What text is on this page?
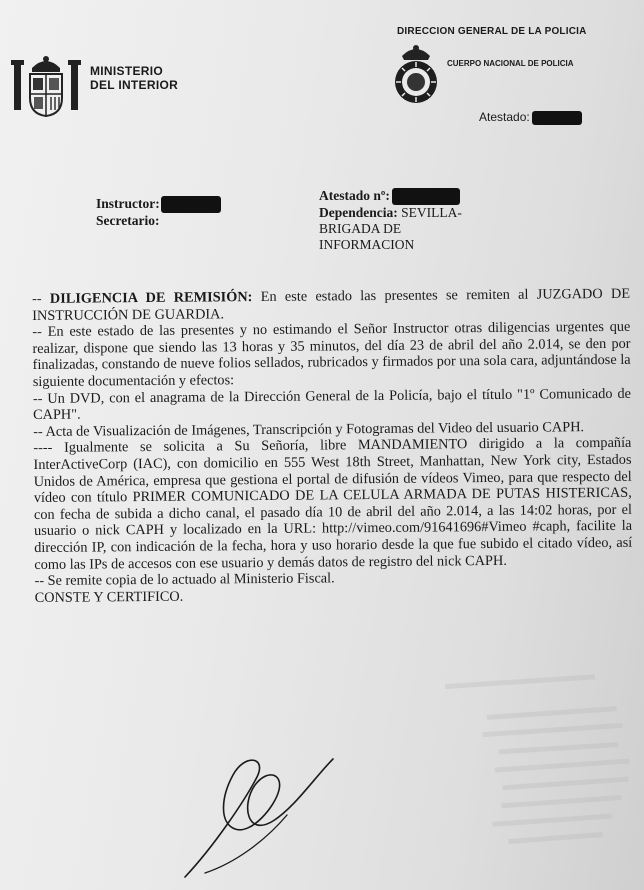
MINISTERIO
DEL INTERIOR
DIRECCION GENERAL DE LA POLICIA
CUERPO NACIONAL DE POLICIA
Atestado:
Instructor:
Secretario:
Atestado nº:
Dependencia: SEVILLA-
BRIGADA DE
INFORMACION

-- DILIGENCIA DE REMISIÓN: En este estado las presentes se remiten al JUZGADO DE INSTRUCCIÓN DE GUARDIA.

-- En este estado de las presentes y no estimando el Señor Instructor otras diligencias urgentes que realizar, dispone que siendo las 13 horas y 35 minutos, del día 23 de abril del año 2.014, se den por finalizadas, constando de nueve folios sellados, rubricados y firmados por una sola cara, adjuntándose la siguiente documentación y efectos:

-- Un DVD, con el anagrama de la Dirección General de la Policía, bajo el título "1º Comunicado de CAPH".

-- Acta de Visualización de Imágenes, Transcripción y Fotogramas del Video del usuario CAPH.

---- Igualmente se solicita a Su Señoría, libre MANDAMIENTO dirigido a la compañía InterActiveCorp (IAC), con domicilio en 555 West 18th Street, Manhattan, New York city, Estados Unidos de América, empresa que gestiona el portal de difusión de vídeos Vimeo, para que respecto del vídeo con título PRIMER COMUNICADO DE LA CELULA ARMADA DE PUTAS HISTERICAS, con fecha de subida a dicho canal, el pasado día 10 de abril del año 2.014, a las 14:02 horas, por el usuario o nick CAPH y localizado en la URL: http://vimeo.com/91641696#Vimeo #caph, facilite la dirección IP, con indicación de la fecha, hora y uso horario desde la que fue subido el citado vídeo, así como las IPs de accesos con ese usuario y demás datos de registro del nick CAPH.

-- Se remite copia de lo actuado al Ministerio Fiscal.

CONSTE Y CERTIFICO.
